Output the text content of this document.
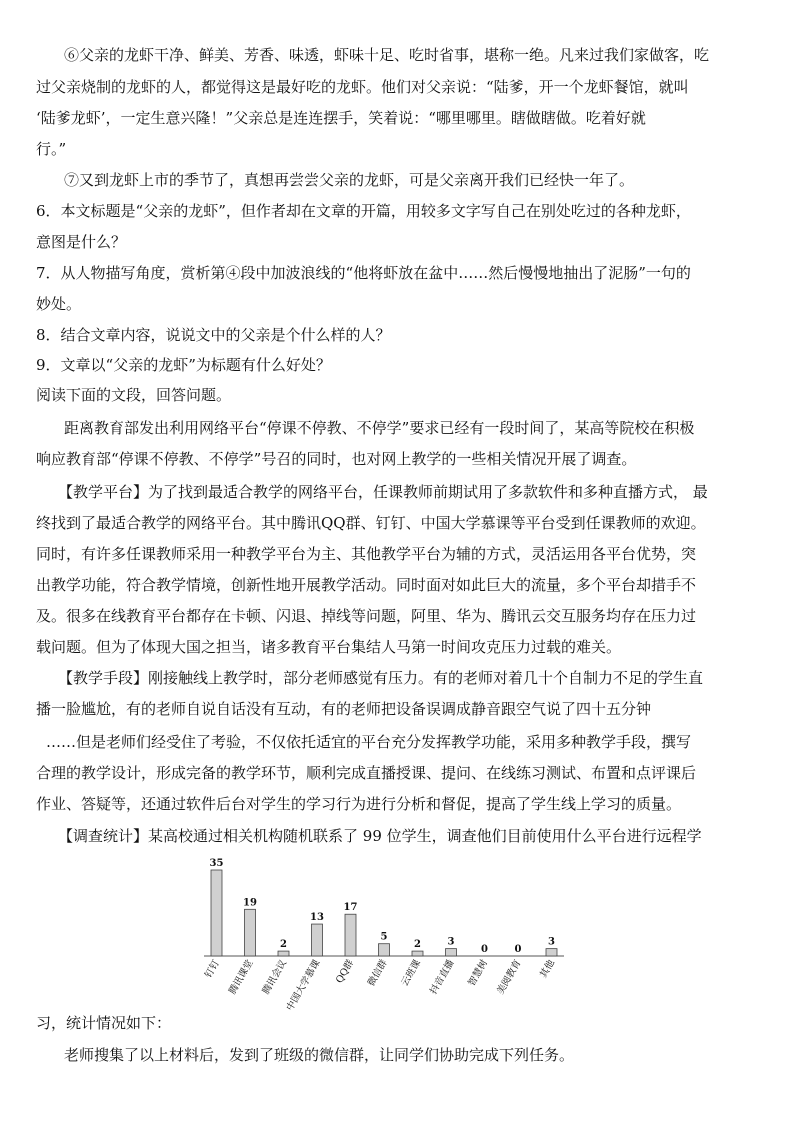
⑥父亲的龙虾干净、鲜美、芳香、味透，虾味十足、吃时省事，堪称一绝。凡来过我们家做客，吃
过父亲烧制的龙虾的人，都觉得这是最好吃的龙虾。他们对父亲说：“陆爹，开一个龙虾餐馆，就叫
‘陆爹龙虾’，一定生意兴隆！”父亲总是连连摆手，笑着说：“哪里哪里。瞎做瞎做。吃着好就
行。”
⑦又到龙虾上市的季节了，真想再尝尝父亲的龙虾，可是父亲离开我们已经快一年了。
6．本文标题是“父亲的龙虾”，但作者却在文章的开篇，用较多文字写自己在别处吃过的各种龙虾，
意图是什么？
7．从人物描写角度，赏析第④段中加波浪线的“他将虾放在盆中……然后慢慢地抽出了泥肠”一句的
妙处。
8．结合文章内容，说说文中的父亲是个什么样的人？
9．文章以“父亲的龙虾”为标题有什么好处？
阅读下面的文段，回答问题。
距离教育部发出利用网络平台“停课不停教、不停学”要求已经有一段时间了，某高等院校在积极
响应教育部“停课不停教、不停学”号召的同时，也对网上教学的一些相关情况开展了调查。
【教学平台】为了找到最适合教学的网络平台，任课教师前期试用了多款软件和多种直播方式， 最
终找到了最适合教学的网络平台。其中腾讯QQ群、钉钉、中国大学慕课等平台受到任课教师的欢迎。
同时，有许多任课教师采用一种教学平台为主、其他教学平台为辅的方式，灵活运用各平台优势，突
出教学功能，符合教学情境，创新性地开展教学活动。同时面对如此巨大的流量，多个平台却措手不
及。很多在线教育平台都存在卡顿、闪退、掉线等问题，阿里、华为、腾讯云交互服务均存在压力过
载问题。但为了体现大国之担当，诸多教育平台集结人马第一时间攻克压力过载的难关。
【教学手段】刚接触线上教学时，部分老师感觉有压力。有的老师对着几十个自制力不足的学生直
播一脸尴尬，有的老师自说自话没有互动，有的老师把设备误调成静音跟空气说了四十五分钟
……但是老师们经受住了考验，不仅依托适宜的平台充分发挥教学功能，采用多种教学手段，撰写
合理的教学设计，形成完备的教学环节，顺利完成直播授课、提问、在线练习测试、布置和点评课后
作业、答疑等，还通过软件后台对学生的学习行为进行分析和督促，提高了学生线上学习的质量。
【调查统计】某高校通过相关机构随机联系了 99 位学生，调查他们目前使用什么平台进行远程学
35
钉钉
19
腾讯课堂
2
腾讯会议
13
中国大学慕课
17
QQ群
5
微信群
2
云班课
3
抖音直播
0
智慧树
0
美阅教育
3
其他
习，统计情况如下：
老师搜集了以上材料后，发到了班级的微信群，让同学们协助完成下列任务。
